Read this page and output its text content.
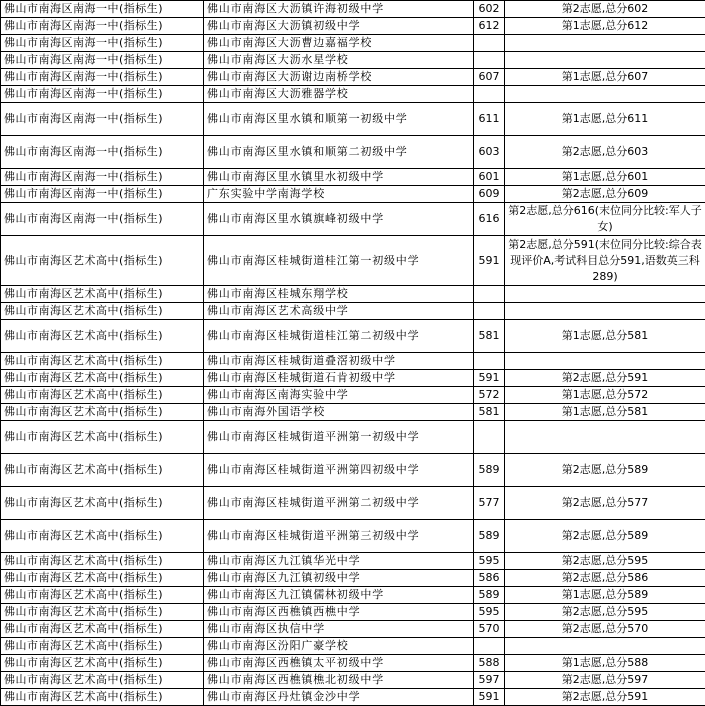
佛山市南海区南海一中(指标生)	佛山市南海区大沥镇许海初级中学	602	第2志愿,总分602
佛山市南海区南海一中(指标生)	佛山市南海区大沥镇初级中学	612	第1志愿,总分612
佛山市南海区南海一中(指标生)	佛山市南海区大沥曹边嘉福学校		
佛山市南海区南海一中(指标生)	佛山市南海区大沥水星学校		
佛山市南海区南海一中(指标生)	佛山市南海区大沥谢边南桥学校	607	第1志愿,总分607
佛山市南海区南海一中(指标生)	佛山市南海区大沥雅器学校		
佛山市南海区南海一中(指标生)	佛山市南海区里水镇和顺第一初级中学	611	第1志愿,总分611
佛山市南海区南海一中(指标生)	佛山市南海区里水镇和顺第二初级中学	603	第2志愿,总分603
佛山市南海区南海一中(指标生)	佛山市南海区里水镇里水初级中学	601	第1志愿,总分601
佛山市南海区南海一中(指标生)	广东实验中学南海学校	609	第2志愿,总分609
佛山市南海区南海一中(指标生)	佛山市南海区里水镇旗峰初级中学	616	第2志愿,总分616(末位同分比较:军人子女)
佛山市南海区艺术高中(指标生)	佛山市南海区桂城街道桂江第一初级中学	591	第2志愿,总分591(末位同分比较:综合表现评价A,考试科目总分591,语数英三科289)
佛山市南海区艺术高中(指标生)	佛山市南海区桂城东翔学校		
佛山市南海区艺术高中(指标生)	佛山市南海区艺术高级中学		
佛山市南海区艺术高中(指标生)	佛山市南海区桂城街道桂江第二初级中学	581	第1志愿,总分581
佛山市南海区艺术高中(指标生)	佛山市南海区桂城街道叠滘初级中学		
佛山市南海区艺术高中(指标生)	佛山市南海区桂城街道石肯初级中学	591	第2志愿,总分591
佛山市南海区艺术高中(指标生)	佛山市南海区南海实验中学	572	第1志愿,总分572
佛山市南海区艺术高中(指标生)	佛山市南海外国语学校	581	第1志愿,总分581
佛山市南海区艺术高中(指标生)	佛山市南海区桂城街道平洲第一初级中学		
佛山市南海区艺术高中(指标生)	佛山市南海区桂城街道平洲第四初级中学	589	第2志愿,总分589
佛山市南海区艺术高中(指标生)	佛山市南海区桂城街道平洲第二初级中学	577	第2志愿,总分577
佛山市南海区艺术高中(指标生)	佛山市南海区桂城街道平洲第三初级中学	589	第2志愿,总分589
佛山市南海区艺术高中(指标生)	佛山市南海区九江镇华光中学	595	第2志愿,总分595
佛山市南海区艺术高中(指标生)	佛山市南海区九江镇初级中学	586	第2志愿,总分586
佛山市南海区艺术高中(指标生)	佛山市南海区九江镇儒林初级中学	589	第1志愿,总分589
佛山市南海区艺术高中(指标生)	佛山市南海区西樵镇西樵中学	595	第2志愿,总分595
佛山市南海区艺术高中(指标生)	佛山市南海区执信中学	570	第2志愿,总分570
佛山市南海区艺术高中(指标生)	佛山市南海区汾阳广豪学校		
佛山市南海区艺术高中(指标生)	佛山市南海区西樵镇太平初级中学	588	第1志愿,总分588
佛山市南海区艺术高中(指标生)	佛山市南海区西樵镇樵北初级中学	597	第2志愿,总分597
佛山市南海区艺术高中(指标生)	佛山市南海区丹灶镇金沙中学	591	第2志愿,总分591
